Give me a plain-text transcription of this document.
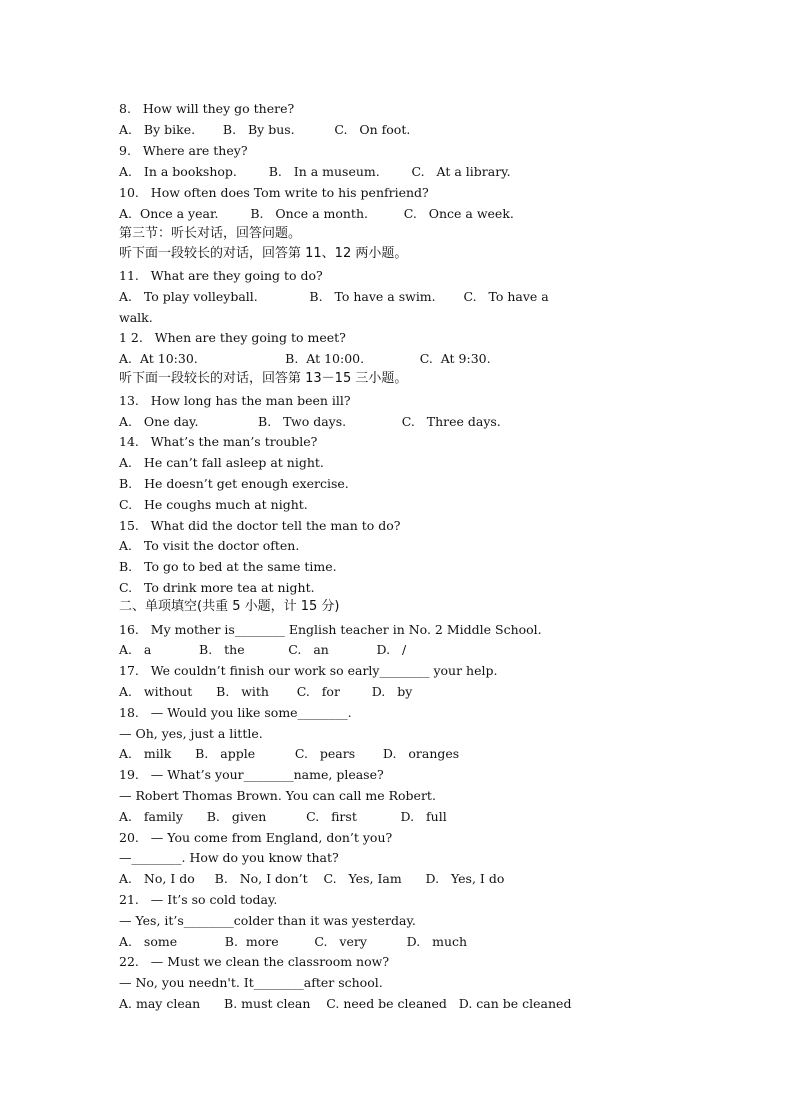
8.   How will they go there?
A.   By bike.       B.   By bus.          C.   On foot.
9.   Where are they?
A.   In a bookshop.        B.   In a museum.        C.   At a library.
10.   How often does Tom write to his penfriend?
A.  Once a year.        B.   Once a month.         C.   Once a week.
第三节：听长对话，回答问题。
听下面一段较长的对话，回答第 11、12 两小题。
11.   What are they going to do?
A.   To play volleyball.             B.   To have a swim.       C.   To have a
walk.
1 2.   When are they going to meet?
A.  At 10:30.                      B.  At 10:00.              C.  At 9:30.
听下面一段较长的对话，回答第 13－15 三小题。
13.   How long has the man been ill?
A.   One day.               B.   Two days.              C.   Three days.
14.   What’s the man’s trouble?
A.   He can’t fall asleep at night.
B.   He doesn’t get enough exercise.
C.   He coughs much at night.
15.   What did the doctor tell the man to do?
A.   To visit the doctor often.
B.   To go to bed at the same time.
C.   To drink more tea at night.
二、单项填空(共重 5 小题，计 15 分)
16.   My mother is________ English teacher in No. 2 Middle School.
A.   a            B.   the           C.   an            D.   /
17.   We couldn’t finish our work so early________ your help.
A.   without      B.   with       C.   for        D.   by
18.   — Would you like some________.
— Oh, yes, just a little.
A.   milk      B.   apple          C.   pears       D.   oranges
19.   — What’s your________name, please?
— Robert Thomas Brown. You can call me Robert.
A.   family      B.   given          C.   first           D.   full
20.   — You come from England, don’t you?
—________. How do you know that?
A.   No, I do     B.   No, I don’t    C.   Yes, Iam      D.   Yes, I do
21.   — It’s so cold today.
— Yes, it’s________colder than it was yesterday.
A.   some            B.  more         C.   very          D.   much
22.   — Must we clean the classroom now?
— No, you needn't. It________after school.
A. may clean      B. must clean    C. need be cleaned   D. can be cleaned
